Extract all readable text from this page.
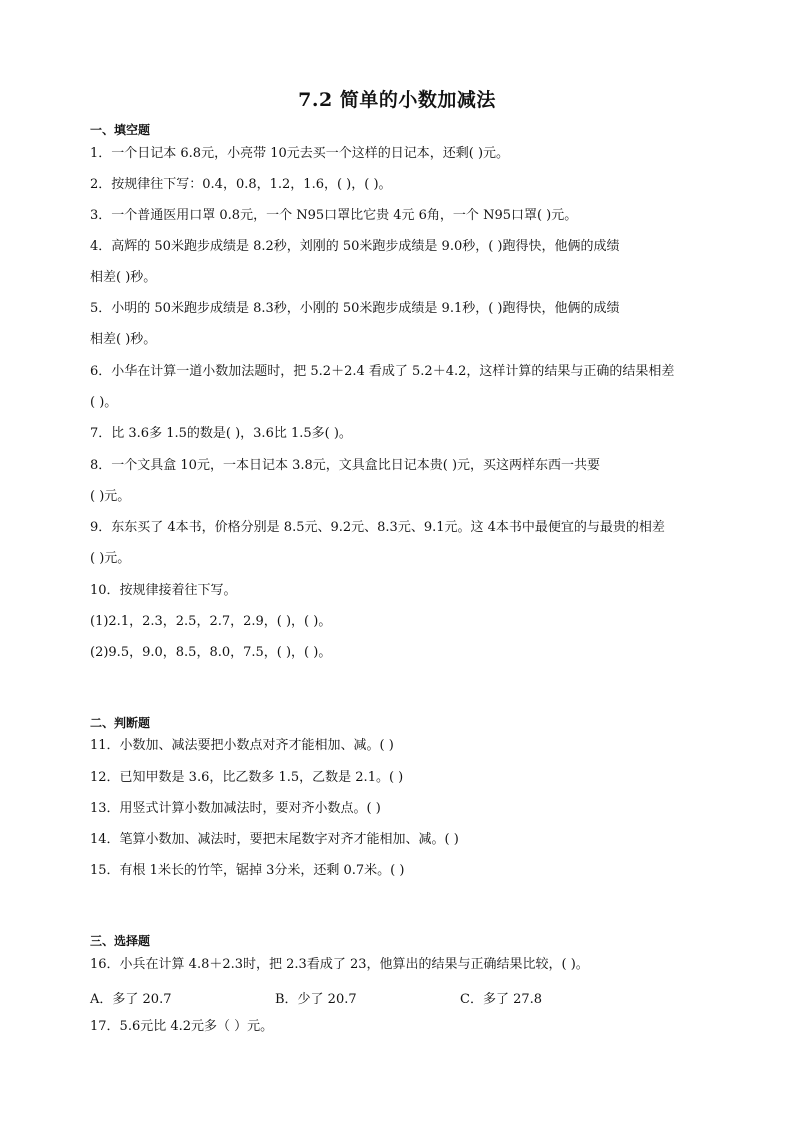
7.2 简单的小数加减法
一、填空题
1．一个日记本 6.8元，小亮带 10元去买一个这样的日记本，还剩( )元。
2．按规律往下写：0.4，0.8，1.2，1.6，( )，( )。
3．一个普通医用口罩 0.8元，一个 N95口罩比它贵 4元 6角，一个 N95口罩( )元。
4．高辉的 50米跑步成绩是 8.2秒，刘刚的 50米跑步成绩是 9.0秒，( )跑得快，他俩的成绩
相差( )秒。
5．小明的 50米跑步成绩是 8.3秒，小刚的 50米跑步成绩是 9.1秒，( )跑得快，他俩的成绩
相差( )秒。
6．小华在计算一道小数加法题时，把 5.2＋2.4 看成了 5.2＋4.2，这样计算的结果与正确的结果相差
( )。
7．比 3.6多 1.5的数是( )，3.6比 1.5多( )。
8．一个文具盒 10元，一本日记本 3.8元，文具盒比日记本贵( )元，买这两样东西一共要
( )元。
9．东东买了 4本书，价格分别是 8.5元、9.2元、8.3元、9.1元。这 4本书中最便宜的与最贵的相差
( )元。
10．按规律接着往下写。
(1)2.1，2.3，2.5，2.7，2.9，( )，( )。
(2)9.5，9.0，8.5，8.0，7.5，( )，( )。
二、判断题
11．小数加、减法要把小数点对齐才能相加、减。( )
12．已知甲数是 3.6，比乙数多 1.5，乙数是 2.1。( )
13．用竖式计算小数加减法时，要对齐小数点。( )
14．笔算小数加、减法时，要把末尾数字对齐才能相加、减。( )
15．有根 1米长的竹竿，锯掉 3分米，还剩 0.7米。( )
三、选择题
16．小兵在计算 4.8＋2.3时，把 2.3看成了 23，他算出的结果与正确结果比较，( )。
A．多了 20.7	B．少了 20.7	C．多了 27.8
17．5.6元比 4.2元多（ ）元。
